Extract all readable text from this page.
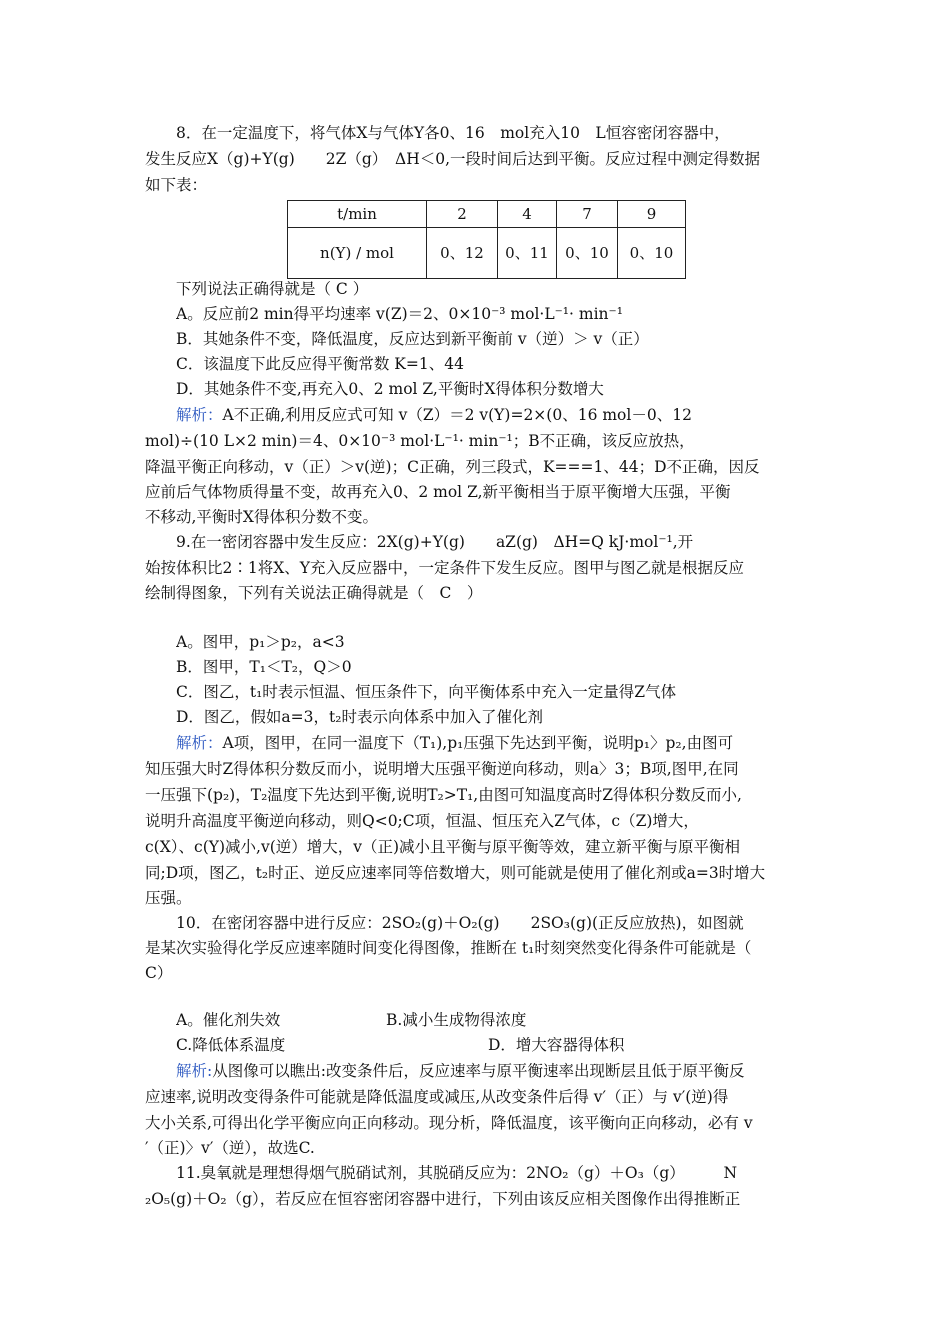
8．在一定温度下，将气体X与气体Y各0、16　mol充入10　L恒容密闭容器中，
发生反应X（g)+Y(g)　　2Z（g）　ΔH＜0,一段时间后达到平衡。反应过程中测定得数据
如下表：
t/min	2	4	7	9
n(Y) / mol	0、12	0、11	0、10	0、10
下列说法正确得就是（ C ）
A。反应前2 min得平均速率 v(Z)＝2、0×10⁻³ mol·L⁻¹· min⁻¹
B．其她条件不变，降低温度，反应达到新平衡前 v（逆）＞ v（正）
C．该温度下此反应得平衡常数 K=1、44
D．其她条件不变,再充入0、2 mol Z,平衡时X得体积分数增大
解析：A不正确,利用反应式可知 v（Z）＝2 v(Y)=2×(0、16 mol－0、12
mol)÷(10 L×2 min)＝4、0×10⁻³ mol·L⁻¹· min⁻¹；B不正确，该反应放热，
降温平衡正向移动，v（正）＞v(逆)；C正确，列三段式，K===1、44；D不正确，因反
应前后气体物质得量不变，故再充入0、2 mol Z,新平衡相当于原平衡增大压强，平衡
不移动,平衡时X得体积分数不变。
9.在一密闭容器中发生反应：2X(g)+Y(g)　　aZ(g)　ΔH=Q kJ·mol⁻¹,开
始按体积比2∶1将X、Y充入反应器中，一定条件下发生反应。图甲与图乙就是根据反应
绘制得图象，下列有关说法正确得就是（　C　）
A。图甲，p₁＞p₂，a<3
B．图甲，T₁＜T₂，Q＞0
C．图乙，t₁时表示恒温、恒压条件下，向平衡体系中充入一定量得Z气体
D．图乙，假如a=3，t₂时表示向体系中加入了催化剂
解析：A项，图甲，在同一温度下（T₁),p₁压强下先达到平衡，说明p₁〉p₂,由图可
知压强大时Z得体积分数反而小，说明增大压强平衡逆向移动，则a〉3；B项,图甲,在同
一压强下(p₂)，T₂温度下先达到平衡,说明T₂>T₁,由图可知温度高时Z得体积分数反而小,
说明升高温度平衡逆向移动，则Q<0;C项，恒温、恒压充入Z气体，c（Z)增大，
c(X）、c(Y)减小,v(逆）增大，v（正)减小且平衡与原平衡等效，建立新平衡与原平衡相
同;D项，图乙，t₂时正、逆反应速率同等倍数增大，则可能就是使用了催化剂或a=3时增大
压强。
10．在密闭容器中进行反应：2SO₂(g)＋O₂(g)　　2SO₃(g)(正反应放热)，如图就
是某次实验得化学反应速率随时间变化得图像，推断在 t₁时刻突然变化得条件可能就是（
C）
A。催化剂失效	B.减小生成物得浓度
C.降低体系温度	D．增大容器得体积
解析:从图像可以瞧出:改变条件后，反应速率与原平衡速率出现断层且低于原平衡反
应速率,说明改变得条件可能就是降低温度或减压,从改变条件后得 v′（正）与 v′(逆)得
大小关系,可得出化学平衡应向正向移动。现分析，降低温度，该平衡向正向移动，必有 v
′（正)〉v′（逆），故选C.
11.臭氧就是理想得烟气脱硝试剂，其脱硝反应为：2NO₂（g）＋O₃（g）　　　N
₂O₅(g)＋O₂（g），若反应在恒容密闭容器中进行，下列由该反应相关图像作出得推断正
